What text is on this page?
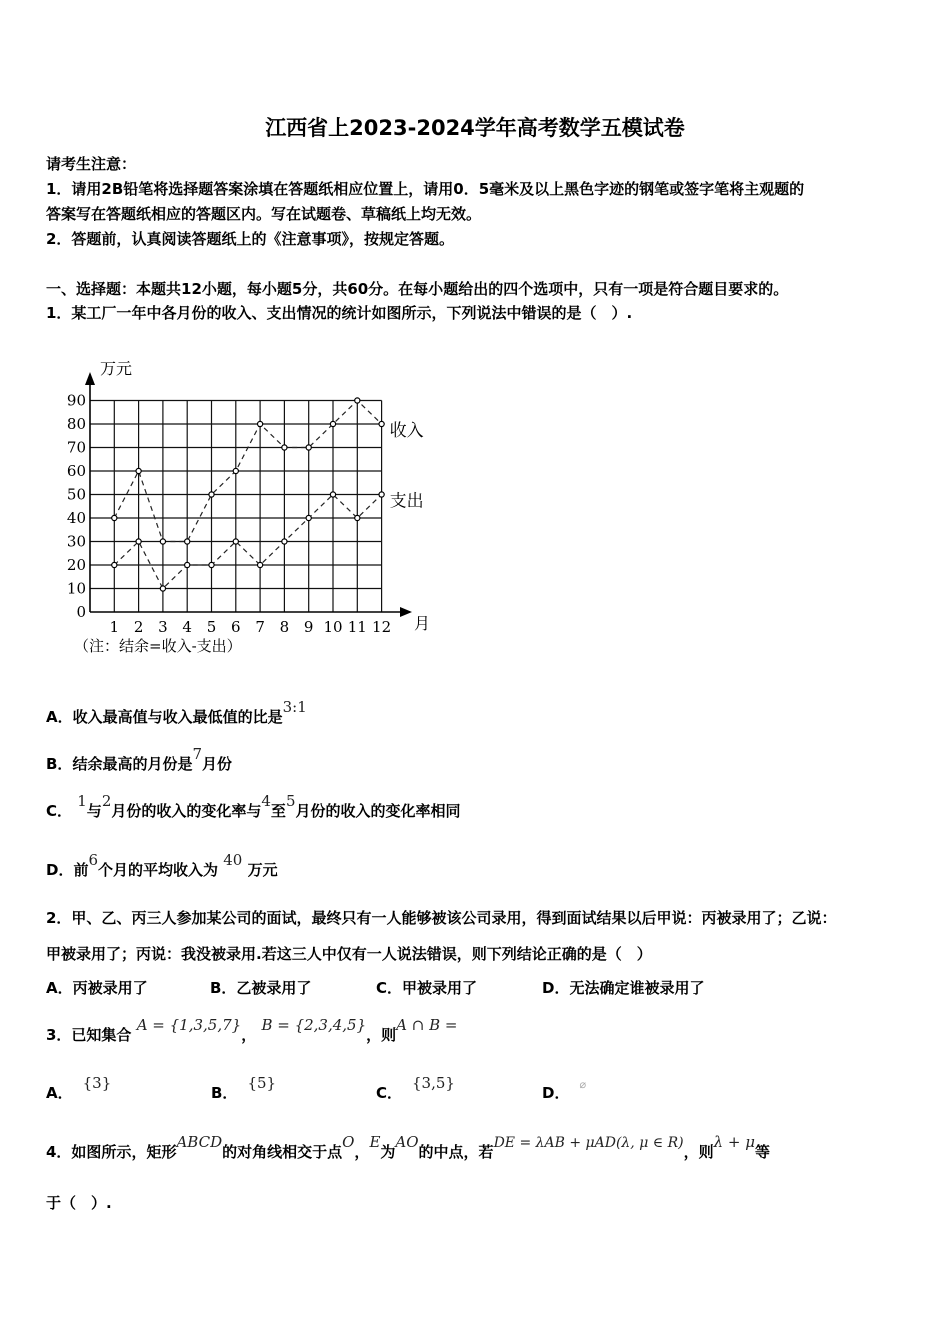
江西省上2023-2024学年高考数学五模试卷
请考生注意：
1．请用2B铅笔将选择题答案涂填在答题纸相应位置上，请用0．5毫米及以上黑色字迹的钢笔或签字笔将主观题的
答案写在答题纸相应的答题区内。写在试题卷、草稿纸上均无效。
2．答题前，认真阅读答题纸上的《注意事项》，按规定答题。
一、选择题：本题共12小题，每小题5分，共60分。在每小题给出的四个选项中，只有一项是符合题目要求的。
1．某工厂一年中各月份的收入、支出情况的统计如图所示，下列说法中错误的是（　）.
0
10
20
30
40
50
60
70
80
90
1 2 3 4 5 6 7 8 9 10 11 12
收入
支出
万元
月
（注：结余=收入-支出）
A．收入最高值与收入最低值的比是3:1
B．结余最高的月份是7月份
C． 1与2月份的收入的变化率与4至5月份的收入的变化率相同
D．前6个月的平均收入为 40 万元
2．甲、乙、丙三人参加某公司的面试，最终只有一人能够被该公司录用，得到面试结果以后甲说：丙被录用了；乙说：
甲被录用了；丙说：我没被录用.若这三人中仅有一人说法错误，则下列结论正确的是（　）
A．丙被录用了	B．乙被录用了	C．甲被录用了	D．无法确定谁被录用了
3．已知集合 A = {1,3,5,7}， B = {2,3,4,5}，则A ∩ B =
A．{3}
B．{5}
C．{3,5}
D． ⌀
4．如图所示，矩形ABCD的对角线相交于点O，E为AO的中点，若DE = λAB + μAD(λ, μ ∈ R)，则λ + μ等
于（　）.
